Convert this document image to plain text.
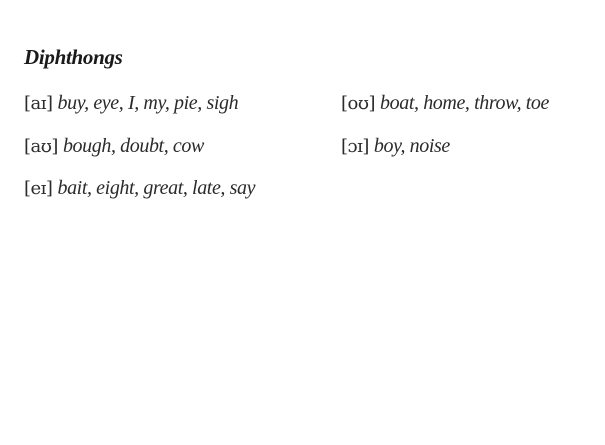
Diphthongs
[aɪ] buy, eye, I, my, pie, sigh
[aʊ] bough, doubt, cow
[eɪ] bait, eight, great, late, say
[oʊ] boat, home, throw, toe
[ɔɪ] boy, noise
